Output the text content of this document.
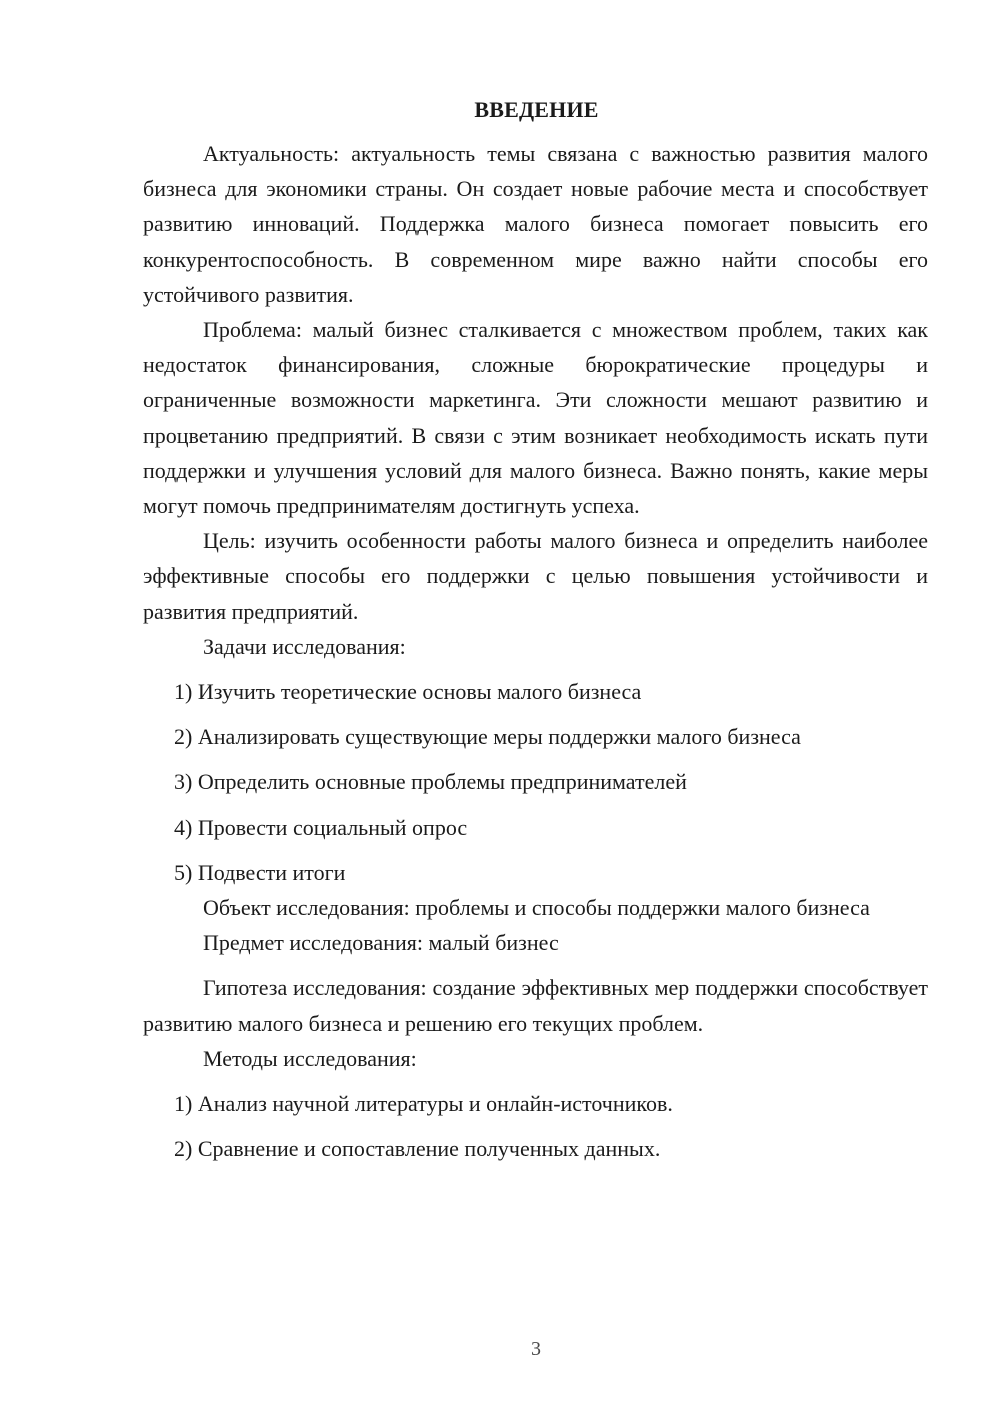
ВВЕДЕНИЕ

Актуальность: актуальность темы связана с важностью развития малого бизнеса для экономики страны. Он создает новые рабочие места и способствует развитию инноваций. Поддержка малого бизнеса помогает повысить его конкурентоспособность. В современном мире важно найти способы его устойчивого развития.

Проблема: малый бизнес сталкивается с множеством проблем, таких как недостаток финансирования, сложные бюрократические процедуры и ограниченные возможности маркетинга. Эти сложности мешают развитию и процветанию предприятий. В связи с этим возникает необходимость искать пути поддержки и улучшения условий для малого бизнеса. Важно понять, какие меры могут помочь предпринимателям достигнуть успеха.

Цель: изучить особенности работы малого бизнеса и определить наиболее эффективные способы его поддержки с целью повышения устойчивости и развития предприятий.

Задачи исследования:

1) Изучить теоретические основы малого бизнеса
2) Анализировать существующие меры поддержки малого бизнеса
3) Определить основные проблемы предпринимателей
4) Провести социальный опрос
5) Подвести итоги

Объект исследования: проблемы и способы поддержки малого бизнеса

Предмет исследования: малый бизнес

Гипотеза исследования: создание эффективных мер поддержки способствует развитию малого бизнеса и решению его текущих проблем.

Методы исследования:

1) Анализ научной литературы и онлайн-источников.
2) Сравнение и сопоставление полученных данных.
3
